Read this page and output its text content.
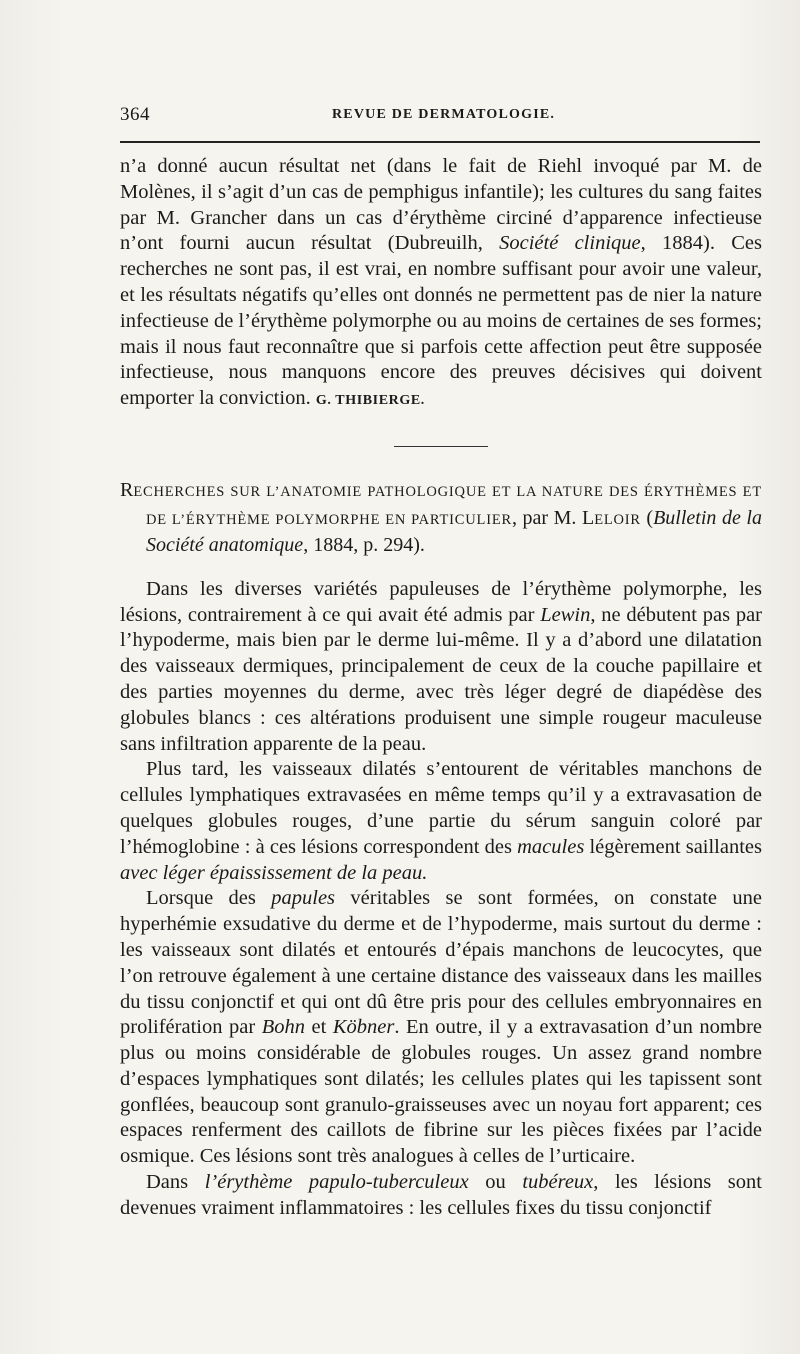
364	REVUE DE DERMATOLOGIE.

n’a donné aucun résultat net (dans le fait de Riehl invoqué par M. de Molènes, il s’agit d’un cas de pemphigus infantile); les cultures du sang faites par M. Grancher dans un cas d’érythème circiné d’apparence infectieuse n’ont fourni aucun résultat (Dubreuilh, Société clinique, 1884). Ces recherches ne sont pas, il est vrai, en nombre suffisant pour avoir une valeur, et les résultats négatifs qu’elles ont donnés ne permettent pas de nier la nature infectieuse de l’érythème polymorphe ou au moins de certaines de ses formes; mais il nous faut reconnaître que si parfois cette affection peut être supposée infectieuse, nous manquons encore des preuves décisives qui doivent emporter la conviction. G. THIBIERGE.

RECHERCHES SUR L’ANATOMIE PATHOLOGIQUE ET LA NATURE DES ÉRYTHÈMES ET DE L’ÉRYTHÈME POLYMORPHE EN PARTICULIER, par M. LELOIR (Bulletin de la Société anatomique, 1884, p. 294).

Dans les diverses variétés papuleuses de l’érythème polymorphe, les lésions, contrairement à ce qui avait été admis par Lewin, ne débutent pas par l’hypoderme, mais bien par le derme lui-même. Il y a d’abord une dilatation des vaisseaux dermiques, principalement de ceux de la couche papillaire et des parties moyennes du derme, avec très léger degré de diapédèse des globules blancs : ces altérations produisent une simple rougeur maculeuse sans infiltration apparente de la peau.

Plus tard, les vaisseaux dilatés s’entourent de véritables manchons de cellules lymphatiques extravasées en même temps qu’il y a extravasation de quelques globules rouges, d’une partie du sérum sanguin coloré par l’hémoglobine : à ces lésions correspondent des macules légèrement saillantes avec léger épaississement de la peau.

Lorsque des papules véritables se sont formées, on constate une hyperhémie exsudative du derme et de l’hypoderme, mais surtout du derme : les vaisseaux sont dilatés et entourés d’épais manchons de leucocytes, que l’on retrouve également à une certaine distance des vaisseaux dans les mailles du tissu conjonctif et qui ont dû être pris pour des cellules embryonnaires en prolifération par Bohn et Köbner. En outre, il y a extravasation d’un nombre plus ou moins considérable de globules rouges. Un assez grand nombre d’espaces lymphatiques sont dilatés; les cellules plates qui les tapissent sont gonflées, beaucoup sont granulo-graisseuses avec un noyau fort apparent; ces espaces renferment des caillots de fibrine sur les pièces fixées par l’acide osmique. Ces lésions sont très analogues à celles de l’urticaire.

Dans l’érythème papulo-tuberculeux ou tubéreux, les lésions sont devenues vraiment inflammatoires : les cellules fixes du tissu conjonctif
